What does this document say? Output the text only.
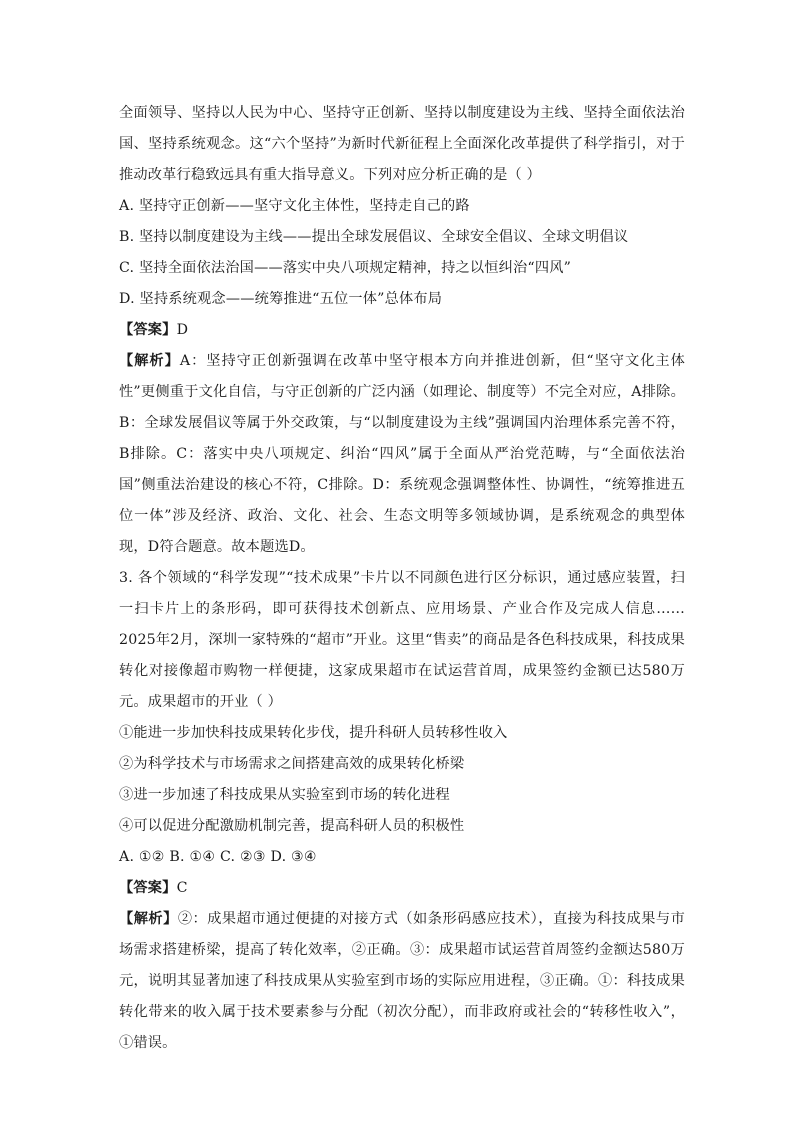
全面领导、坚持以人民为中心、坚持守正创新、坚持以制度建设为主线、坚持全面依法治国、坚持系统观念。这“六个坚持”为新时代新征程上全面深化改革提供了科学指引，对于推动改革行稳致远具有重大指导意义。下列对应分析正确的是（ ）

A. 坚持守正创新——坚守文化主体性，坚持走自己的路

B. 坚持以制度建设为主线——提出全球发展倡议、全球安全倡议、全球文明倡议

C. 坚持全面依法治国——落实中央八项规定精神，持之以恒纠治“四风”

D. 坚持系统观念——统筹推进“五位一体”总体布局

【答案】D

【解析】A：坚持守正创新强调在改革中坚守根本方向并推进创新，但“坚守文化主体性”更侧重于文化自信，与守正创新的广泛内涵（如理论、制度等）不完全对应，A排除。B：全球发展倡议等属于外交政策，与“以制度建设为主线”强调国内治理体系完善不符，B排除。C：落实中央八项规定、纠治“四风”属于全面从严治党范畴，与“全面依法治国”侧重法治建设的核心不符，C排除。D：系统观念强调整体性、协调性，“统筹推进五位一体”涉及经济、政治、文化、社会、生态文明等多领域协调，是系统观念的典型体现，D符合题意。故本题选D。

3. 各个领域的“科学发现”“技术成果”卡片以不同颜色进行区分标识，通过感应装置，扫一扫卡片上的条形码，即可获得技术创新点、应用场景、产业合作及完成人信息……2025年2月，深圳一家特殊的“超市”开业。这里“售卖”的商品是各色科技成果，科技成果转化对接像超市购物一样便捷，这家成果超市在试运营首周，成果签约金额已达580万元。成果超市的开业（ ）

①能进一步加快科技成果转化步伐，提升科研人员转移性收入

②为科学技术与市场需求之间搭建高效的成果转化桥梁

③进一步加速了科技成果从实验室到市场的转化进程

④可以促进分配激励机制完善，提高科研人员的积极性

A. ①② B. ①④ C. ②③ D. ③④

【答案】C

【解析】②：成果超市通过便捷的对接方式（如条形码感应技术），直接为科技成果与市场需求搭建桥梁，提高了转化效率，②正确。③：成果超市试运营首周签约金额达580万元，说明其显著加速了科技成果从实验室到市场的实际应用进程，③正确。①：科技成果转化带来的收入属于技术要素参与分配（初次分配），而非政府或社会的“转移性收入”，①错误。
